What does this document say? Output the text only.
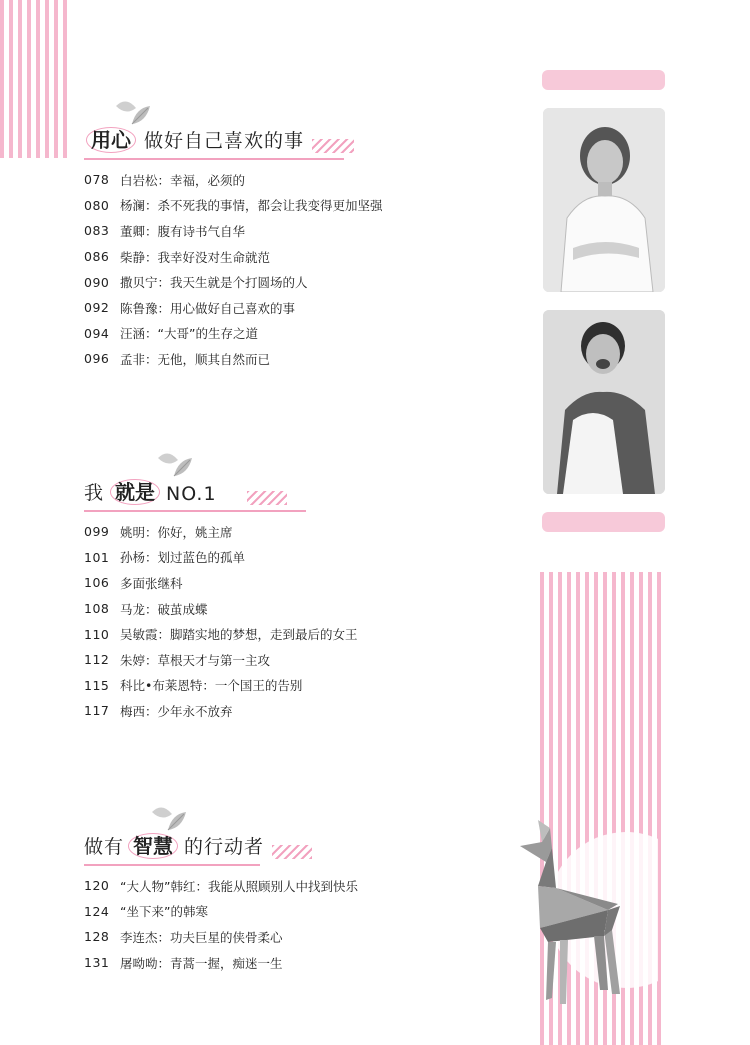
用心 做好自己喜欢的事
078 白岩松：幸福，必须的
080 杨澜：杀不死我的事情，都会让我变得更加坚强
083 董卿：腹有诗书气自华
086 柴静：我幸好没对生命就范
090 撒贝宁：我天生就是个打圆场的人
092 陈鲁豫：用心做好自己喜欢的事
094 汪涵：“大哥”的生存之道
096 孟非：无他，顺其自然而已
我 就是 NO.1
099 姚明：你好，姚主席
101 孙杨：划过蓝色的孤单
106 多面张继科
108 马龙：破茧成蝶
110 吴敏霞：脚踏实地的梦想，走到最后的女王
112 朱婷：草根天才与第一主攻
115 科比•布莱恩特：一个国王的告别
117 梅西：少年永不放弃
做有 智慧 的行动者
120 “大人物”韩红：我能从照顾别人中找到快乐
124 “坐下来”的韩寒
128 李连杰：功夫巨星的侠骨柔心
131 屠呦呦：青蒿一握，痴迷一生
